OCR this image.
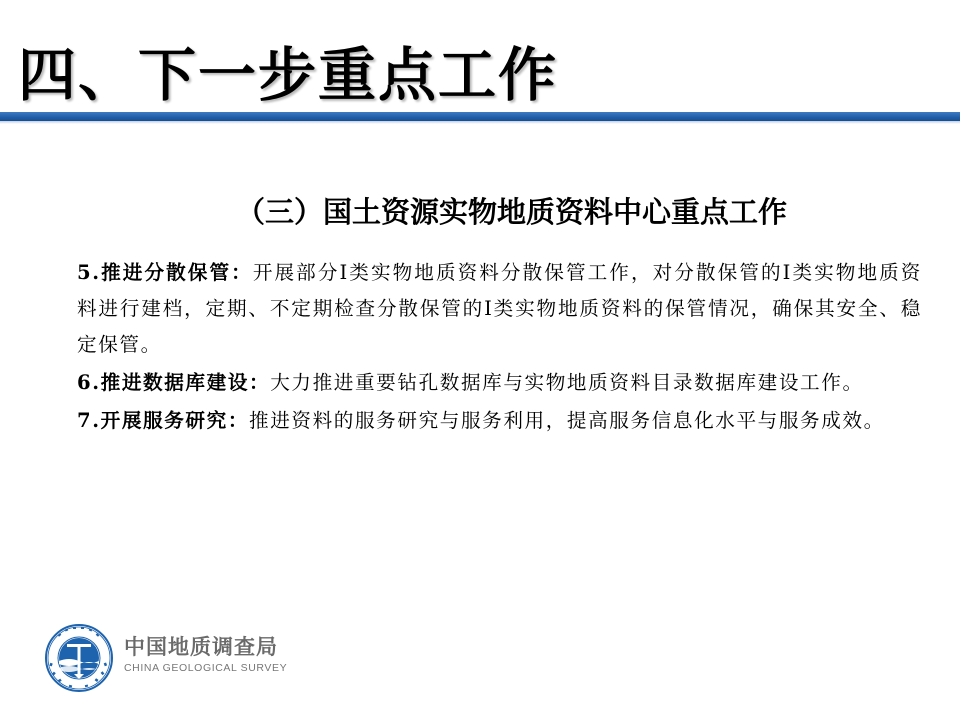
四、下一步重点工作
（三）国土资源实物地质资料中心重点工作

5.推进分散保管：开展部分I类实物地质资料分散保管工作，对分散保管的I类实物地质资料进行建档，定期、不定期检查分散保管的I类实物地质资料的保管情况，确保其安全、稳定保管。

6.推进数据库建设：大力推进重要钻孔数据库与实物地质资料目录数据库建设工作。

7.开展服务研究：推进资料的服务研究与服务利用，提高服务信息化水平与服务成效。

中国地质调查局
CHINA GEOLOGICAL SURVEY
